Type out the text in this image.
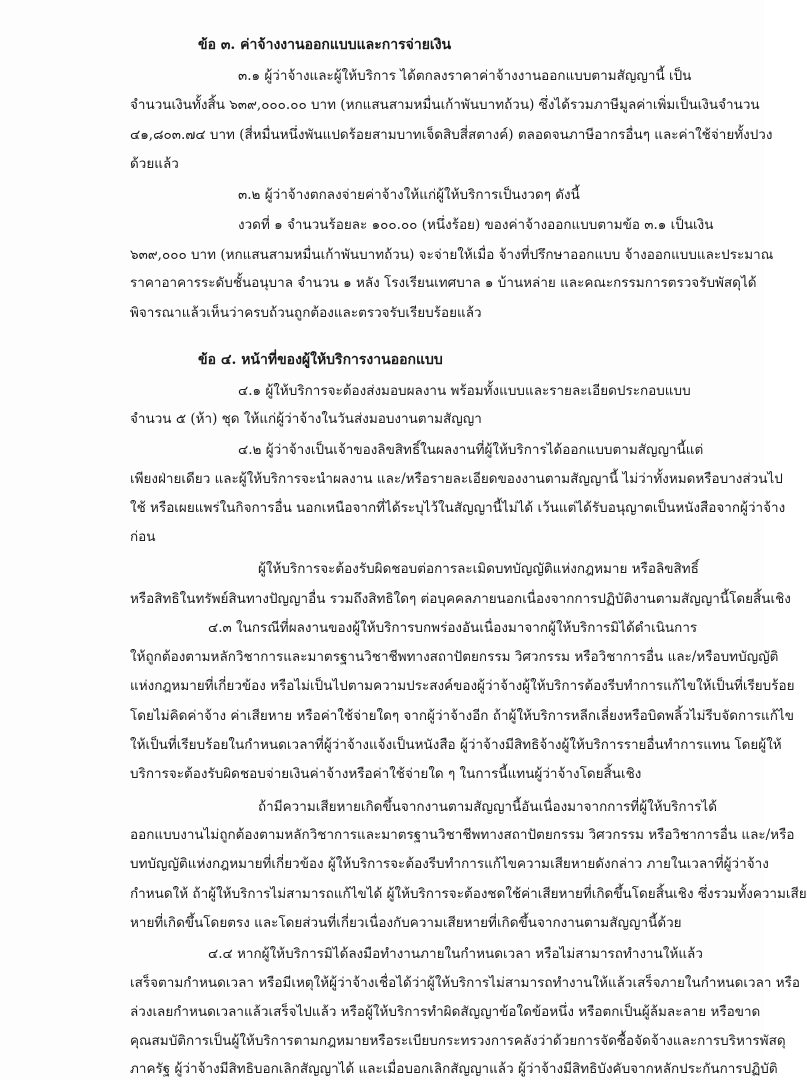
ข้อ ๓. ค่าจ้างงานออกแบบและการจ่ายเงิน
๓.๑ ผู้ว่าจ้างและผู้ให้บริการ ได้ตกลงราคาค่าจ้างงานออกแบบตามสัญญานี้ เป็น
จำนวนเงินทั้งสิ้น ๖๓๙,๐๐๐.๐๐ บาท (หกแสนสามหมื่นเก้าพันบาทถ้วน) ซึ่งได้รวมภาษีมูลค่าเพิ่มเป็นเงินจำนวน
๔๑,๘๐๓.๗๔ บาท (สี่หมื่นหนึ่งพันแปดร้อยสามบาทเจ็ดสิบสี่สตางค์) ตลอดจนภาษีอากรอื่นๆ และค่าใช้จ่ายทั้งปวง
ด้วยแล้ว
๓.๒ ผู้ว่าจ้างตกลงจ่ายค่าจ้างให้แก่ผู้ให้บริการเป็นงวดๆ ดังนี้
งวดที่ ๑ จำนวนร้อยละ ๑๐๐.๐๐ (หนึ่งร้อย) ของค่าจ้างออกแบบตามข้อ ๓.๑ เป็นเงิน
๖๓๙,๐๐๐ บาท (หกแสนสามหมื่นเก้าพันบาทถ้วน) จะจ่ายให้เมื่อ จ้างที่ปรึกษาออกแบบ จ้างออกแบบและประมาณ
ราคาอาคารระดับชั้นอนุบาล จำนวน ๑ หลัง โรงเรียนเทศบาล ๑ บ้านหล่าย และคณะกรรมการตรวจรับพัสดุได้
พิจารณาแล้วเห็นว่าครบถ้วนถูกต้องและตรวจรับเรียบร้อยแล้ว
ข้อ ๔. หน้าที่ของผู้ให้บริการงานออกแบบ
๔.๑ ผู้ให้บริการจะต้องส่งมอบผลงาน พร้อมทั้งแบบและรายละเอียดประกอบแบบ
จำนวน ๕ (ห้า) ชุด ให้แก่ผู้ว่าจ้างในวันส่งมอบงานตามสัญญา
๔.๒ ผู้ว่าจ้างเป็นเจ้าของลิขสิทธิ์ในผลงานที่ผู้ให้บริการได้ออกแบบตามสัญญานี้แต่
เพียงฝ่ายเดียว และผู้ให้บริการจะนำผลงาน และ/หรือรายละเอียดของงานตามสัญญานี้ ไม่ว่าทั้งหมดหรือบางส่วนไป
ใช้ หรือเผยแพร่ในกิจการอื่น นอกเหนือจากที่ได้ระบุไว้ในสัญญานี้ไม่ได้ เว้นแต่ได้รับอนุญาตเป็นหนังสือจากผู้ว่าจ้าง
ก่อน
ผู้ให้บริการจะต้องรับผิดชอบต่อการละเมิดบทบัญญัติแห่งกฎหมาย หรือลิขสิทธิ์
หรือสิทธิในทรัพย์สินทางปัญญาอื่น รวมถึงสิทธิใดๆ ต่อบุคคลภายนอกเนื่องจากการปฏิบัติงานตามสัญญานี้โดยสิ้นเชิง
๔.๓ ในกรณีที่ผลงานของผู้ให้บริการบกพร่องอันเนื่องมาจากผู้ให้บริการมิได้ดำเนินการ
ให้ถูกต้องตามหลักวิชาการและมาตรฐานวิชาชีพทางสถาปัตยกรรม วิศวกรรม หรือวิชาการอื่น และ/หรือบทบัญญัติ
แห่งกฎหมายที่เกี่ยวข้อง หรือไม่เป็นไปตามความประสงค์ของผู้ว่าจ้างผู้ให้บริการต้องรีบทำการแก้ไขให้เป็นที่เรียบร้อย
โดยไม่คิดค่าจ้าง ค่าเสียหาย หรือค่าใช้จ่ายใดๆ จากผู้ว่าจ้างอีก ถ้าผู้ให้บริการหลีกเลี่ยงหรือบิดพลิ้วไม่รีบจัดการแก้ไข
ให้เป็นที่เรียบร้อยในกำหนดเวลาที่ผู้ว่าจ้างแจ้งเป็นหนังสือ ผู้ว่าจ้างมีสิทธิจ้างผู้ให้บริการรายอื่นทำการแทน โดยผู้ให้
บริการจะต้องรับผิดชอบจ่ายเงินค่าจ้างหรือค่าใช้จ่ายใด ๆ ในการนี้แทนผู้ว่าจ้างโดยสิ้นเชิง
ถ้ามีความเสียหายเกิดขึ้นจากงานตามสัญญานี้อันเนื่องมาจากการที่ผู้ให้บริการได้
ออกแบบงานไม่ถูกต้องตามหลักวิชาการและมาตรฐานวิชาชีพทางสถาปัตยกรรม วิศวกรรม หรือวิชาการอื่น และ/หรือ
บทบัญญัติแห่งกฎหมายที่เกี่ยวข้อง ผู้ให้บริการจะต้องรีบทำการแก้ไขความเสียหายดังกล่าว ภายในเวลาที่ผู้ว่าจ้าง
กำหนดให้ ถ้าผู้ให้บริการไม่สามารถแก้ไขได้ ผู้ให้บริการจะต้องชดใช้ค่าเสียหายที่เกิดขึ้นโดยสิ้นเชิง ซึ่งรวมทั้งความเสีย
หายที่เกิดขึ้นโดยตรง และโดยส่วนที่เกี่ยวเนื่องกับความเสียหายที่เกิดขึ้นจากงานตามสัญญานี้ด้วย
๔.๔ หากผู้ให้บริการมิได้ลงมือทำงานภายในกำหนดเวลา หรือไม่สามารถทำงานให้แล้ว
เสร็จตามกำหนดเวลา หรือมีเหตุให้ผู้ว่าจ้างเชื่อได้ว่าผู้ให้บริการไม่สามารถทำงานให้แล้วเสร็จภายในกำหนดเวลา หรือ
ล่วงเลยกำหนดเวลาแล้วเสร็จไปแล้ว หรือผู้ให้บริการทำผิดสัญญาข้อใดข้อหนึ่ง หรือตกเป็นผู้ล้มละลาย หรือขาด
คุณสมบัติการเป็นผู้ให้บริการตามกฎหมายหรือระเบียบกระทรวงการคลังว่าด้วยการจัดซื้อจัดจ้างและการบริหารพัสดุ
ภาครัฐ ผู้ว่าจ้างมีสิทธิบอกเลิกสัญญาได้ และเมื่อบอกเลิกสัญญาแล้ว ผู้ว่าจ้างมีสิทธิบังคับจากหลักประกันการปฏิบัติ
